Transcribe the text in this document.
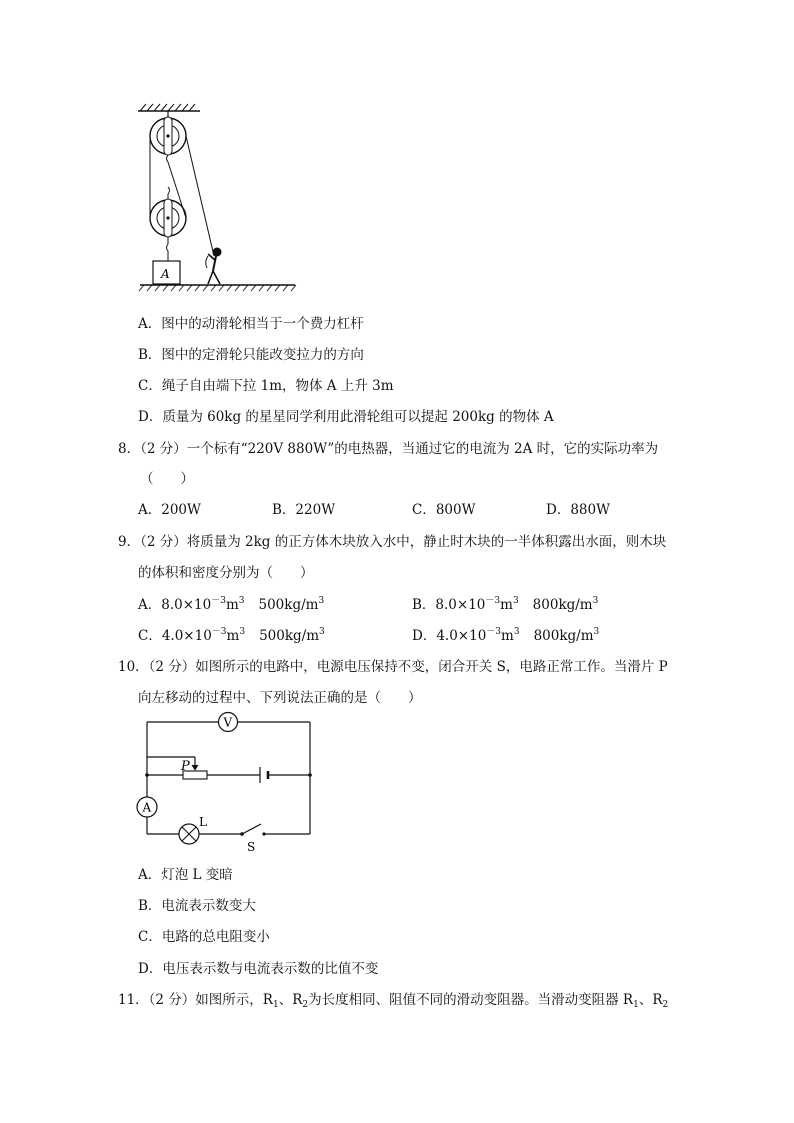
A
A．图中的动滑轮相当于一个费力杠杆
B．图中的定滑轮只能改变拉力的方向
C．绳子自由端下拉 1m，物体 A 上升 3m
D．质量为 60kg 的星星同学利用此滑轮组可以提起 200kg 的物体 A
8．（2 分）一个标有“220V 880W”的电热器，当通过它的电流为 2A 时，它的实际功率为
（　　）
A．200W	B．220W	C．800W	D．880W
9．（2 分）将质量为 2kg 的正方体木块放入水中，静止时木块的一半体积露出水面，则木块
的体积和密度分别为（　　）
A．$8.0\times 10^{-3}m^3$ $500kg/m^3$	B．$8.0\times 10^{-3}m^3$ $800kg/m^3$
C．$4.0\times 10^{-3}m^3$ $500kg/m^3$	D．$4.0\times 10^{-3}m^3$ $800kg/m^3$
10．（2 分）如图所示的电路中，电源电压保持不变，闭合开关 S，电路正常工作。当滑片 P
向左移动的过程中、下列说法正确的是（　　）
V
P
A
L
S
A．灯泡 L 变暗
B．电流表示数变大
C．电路的总电阻变小
D．电压表示数与电流表示数的比值不变
11．（2 分）如图所示，$R_1$、$R_2$为长度相同、阻值不同的滑动变阻器。当滑动变阻器 $R_1$、$R_2$
